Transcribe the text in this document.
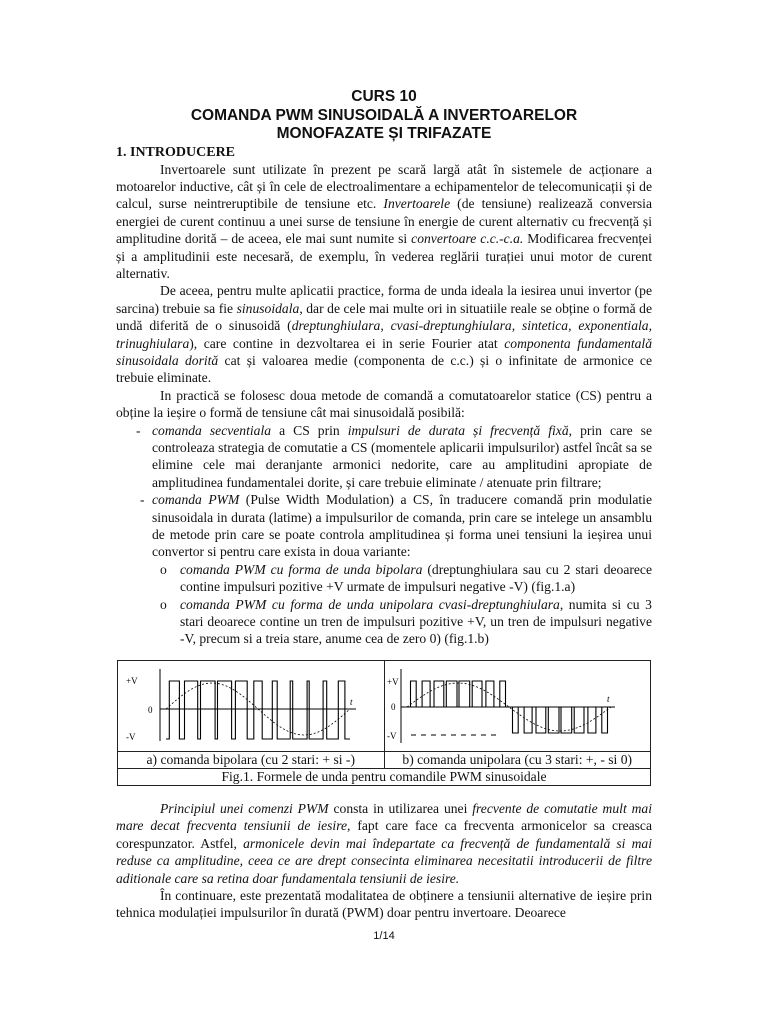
CURS 10
COMANDA PWM SINUSOIDALĂ A INVERTOARELOR
MONOFAZATE ȘI TRIFAZATE
1. INTRODUCERE

Invertoarele sunt utilizate în prezent pe scară largă atât în sistemele de acționare a motoarelor inductive, cât și în cele de electroalimentare a echipamentelor de telecomunicații și de calcul, surse neintreruptibile de tensiune etc. Invertoarele (de tensiune) realizează conversia energiei de curent continuu a unei surse de tensiune în energie de curent alternativ cu frecvență și amplitudine dorită – de aceea, ele mai sunt numite si convertoare c.c.-c.a. Modificarea frecvenței și a amplitudinii este necesară, de exemplu, în vederea reglării turației unui motor de curent alternativ.

De aceea, pentru multe aplicatii practice, forma de unda ideala la iesirea unui invertor (pe sarcina) trebuie sa fie sinusoidala, dar de cele mai multe ori in situatiile reale se obține o formă de undă diferită de o sinusoidă (dreptunghiulara, cvasi-dreptunghiulara, sintetica, exponentiala, trinughiulara), care contine in dezvoltarea ei in serie Fourier atat componenta fundamentală sinusoidala dorită cat și valoarea medie (componenta de c.c.) și o infinitate de armonice ce trebuie eliminate.

In practică se folosesc doua metode de comandă a comutatoarelor statice (CS) pentru a obține la ieșire o formă de tensiune cât mai sinusoidală posibilă:

- comanda secventiala a CS prin impulsuri de durata și frecvență fixă, prin care se controleaza strategia de comutatie a CS (momentele aplicarii impulsurilor) astfel încât sa se elimine cele mai deranjante armonici nedorite, care au amplitudini apropiate de amplitudinea fundamentalei dorite, și care trebuie eliminate / atenuate prin filtrare;

- comanda PWM (Pulse Width Modulation) a CS, în traducere comandă prin modulatie sinusoidala in durata (latime) a impulsurilor de comanda, prin care se intelege un ansamblu de metode prin care se poate controla amplitudinea și forma unei tensiuni la ieșirea unui convertor si pentru care exista in doua variante:

o comanda PWM cu forma de unda bipolara (dreptunghiulara sau cu 2 stari deoarece contine impulsuri pozitive +V urmate de impulsuri negative -V) (fig.1.a)

o comanda PWM cu forma de unda unipolara cvasi-dreptunghiulara, numita si cu 3 stari deoarece contine un tren de impulsuri pozitive +V, un tren de impulsuri negative -V, precum si a treia stare, anume cea de zero 0) (fig.1.b)

+V
0
-V
t	+V
0
-V
t

a) comanda bipolara (cu 2 stari: + si -)	b) comanda unipolara (cu 3 stari: +, - si 0)
Fig.1. Formele de unda pentru comandile PWM sinusoidale	

Principiul unei comenzi PWM consta in utilizarea unei frecvente de comutatie mult mai mare decat frecventa tensiunii de iesire, fapt care face ca frecventa armonicelor sa creasca corespunzator. Astfel, armonicele devin mai îndepartate ca frecvență de fundamentală si mai reduse ca amplitudine, ceea ce are drept consecinta eliminarea necesitatii introducerii de filtre aditionale care sa retina doar fundamentala tensiunii de iesire.

În continuare, este prezentată modalitatea de obținere a tensiunii alternative de ieșire prin tehnica modulației impulsurilor în durată (PWM) doar pentru invertoare. Deoarece

1/14
